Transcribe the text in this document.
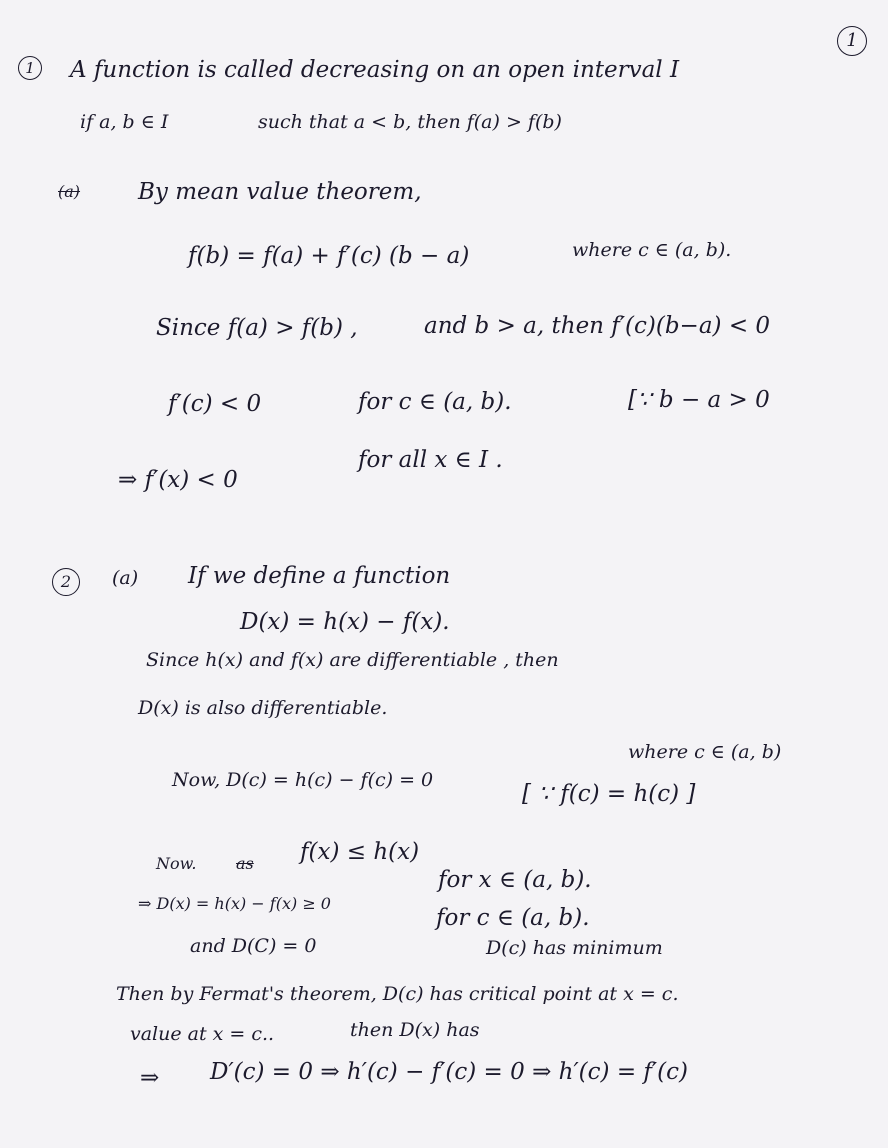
1
1	A function is called decreasing on an open interval I
if a, b ∈ I	such that a < b, then f(a) > f(b)
(a)	By mean value theorem,
f(b) = f(a) + f′(c) (b − a)	where c ∈ (a, b).
Since f(a) > f(b) ,	and b > a, then f′(c)(b−a) < 0
f′(c) < 0	for c ∈ (a, b).	[∵ b − a > 0
⇒ f′(x) < 0
for all x ∈ I .
2	(a) If we define a function
D(x) = h(x) − f(x).
Since h(x) and f(x) are differentiable , then
D(x) is also differentiable.
Now, D(c) = h(c) − f(c) = 0
where c ∈ (a, b)
[ ∵ f(c) = h(c) ]
Now. as f(x) ≤ h(x)
⇒ D(x) = h(x) − f(x) ≥ 0
for x ∈ (a, b).
and D(C) = 0
for c ∈ (a, b).
D(c) has minimum
Then by Fermat's theorem, D(c) has critical point at x = c.
value at x = c..	then D(x) has
⇒ D′(c) = 0 ⇒ h′(c) − f′(c) = 0 ⇒ h′(c) = f′(c)
